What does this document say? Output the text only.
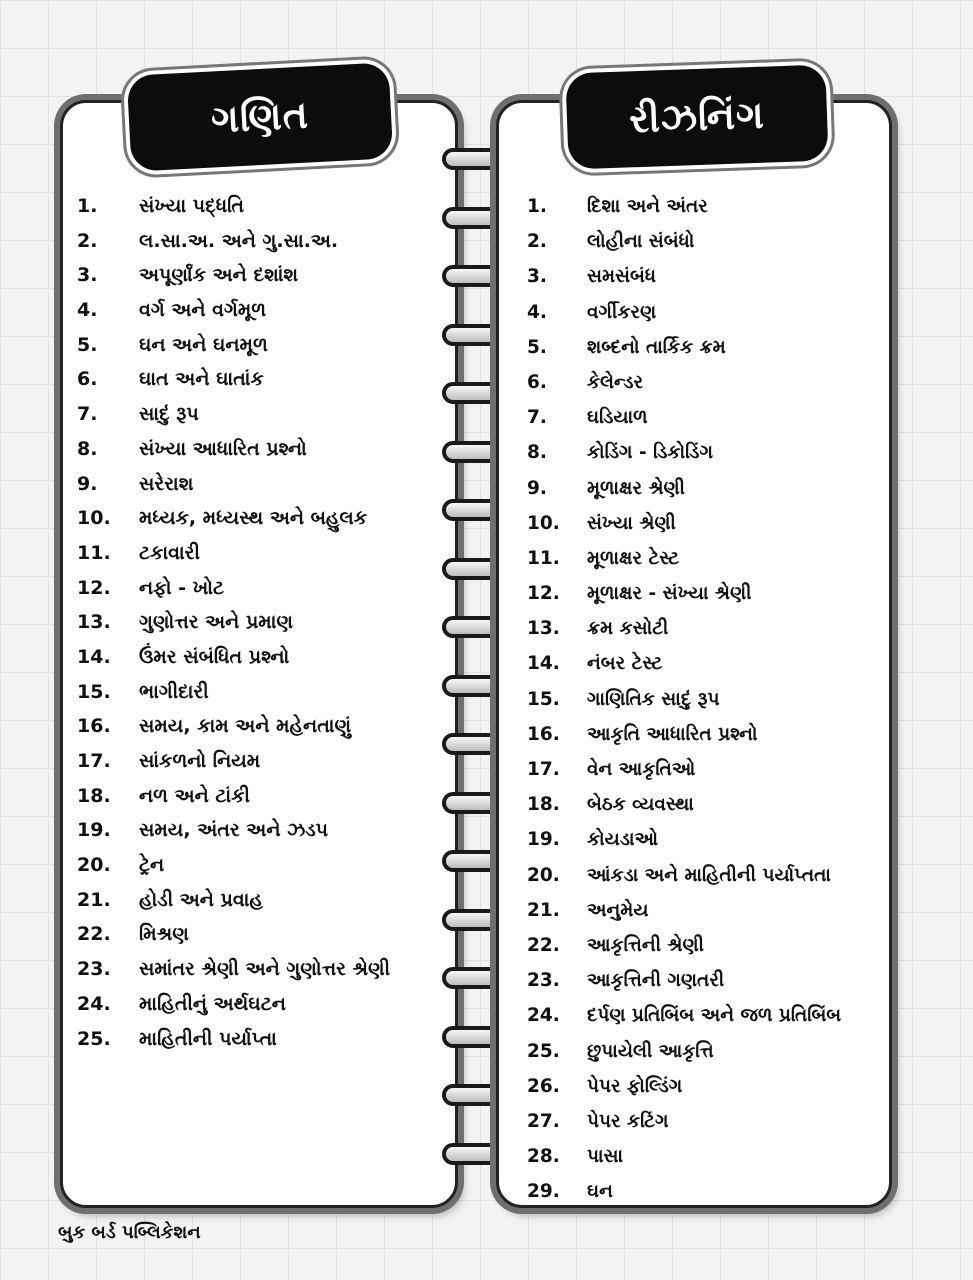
ગણિત
1.	સંખ્યા પદ્ધતિ
2.	લ.સા.અ. અને ગુ.સા.અ.
3.	અપૂર્ણાંક અને દશાંશ
4.	વર્ગ અને વર્ગમૂળ
5.	ઘન અને ઘનમૂળ
6.	ઘાત અને ઘાતાંક
7.	સાદું રૂપ
8.	સંખ્યા આધારિત પ્રશ્નો
9.	સરેરાશ
10.	મધ્યક, મધ્યસ્થ અને બહુલક
11.	ટકાવારી
12.	નફો - ખોટ
13.	ગુણોત્તર અને પ્રમાણ
14.	ઉંમર સંબંધિત પ્રશ્નો
15.	ભાગીદારી
16.	સમય, કામ અને મહેનતાણું
17.	સાંકળનો નિયમ
18.	નળ અને ટાંકી
19.	સમય, અંતર અને ઝડપ
20.	ટ્રેન
21.	હોડી અને પ્રવાહ
22.	મિશ્રણ
23.	સમાંતર શ્રેણી અને ગુણોત્તર શ્રેણી
24.	માહિતીનું અર્થઘટન
25.	માહિતીની પર્યાપ્તા
રીઝનિંગ
1.	દિશા અને અંતર
2.	લોહીના સંબંધો
3.	સમસંબંધ
4.	વર્ગીકરણ
5.	શબ્દનો તાર્કિક ક્રમ
6.	કેલેન્ડર
7.	ઘડિયાળ
8.	કોડિંગ - ડિકોડિંગ
9.	મૂળાક્ષર શ્રેણી
10.	સંખ્યા શ્રેણી
11.	મૂળાક્ષર ટેસ્ટ
12.	મૂળાક્ષર - સંખ્યા શ્રેણી
13.	ક્રમ કસોટી
14.	નંબર ટેસ્ટ
15.	ગાણિતિક સાદું રૂપ
16.	આકૃતિ આધારિત પ્રશ્નો
17.	વેન આકૃતિઓ
18.	બેઠક વ્યવસ્થા
19.	કોયડાઓ
20.	આંકડા અને માહિતીની પર્યાપ્તતા
21.	અનુમેય
22.	આકૃત્તિની શ્રેણી
23.	આકૃત્તિની ગણતરી
24.	દર્પણ પ્રતિબિંબ અને જળ પ્રતિબિંબ
25.	છુપાયેલી આકૃત્તિ
26.	પેપર ફોલ્ડિંગ
27.	પેપર કટિંગ
28.	પાસા
29.	ઘન
બુક બર્ડ પબ્લિકેશન
